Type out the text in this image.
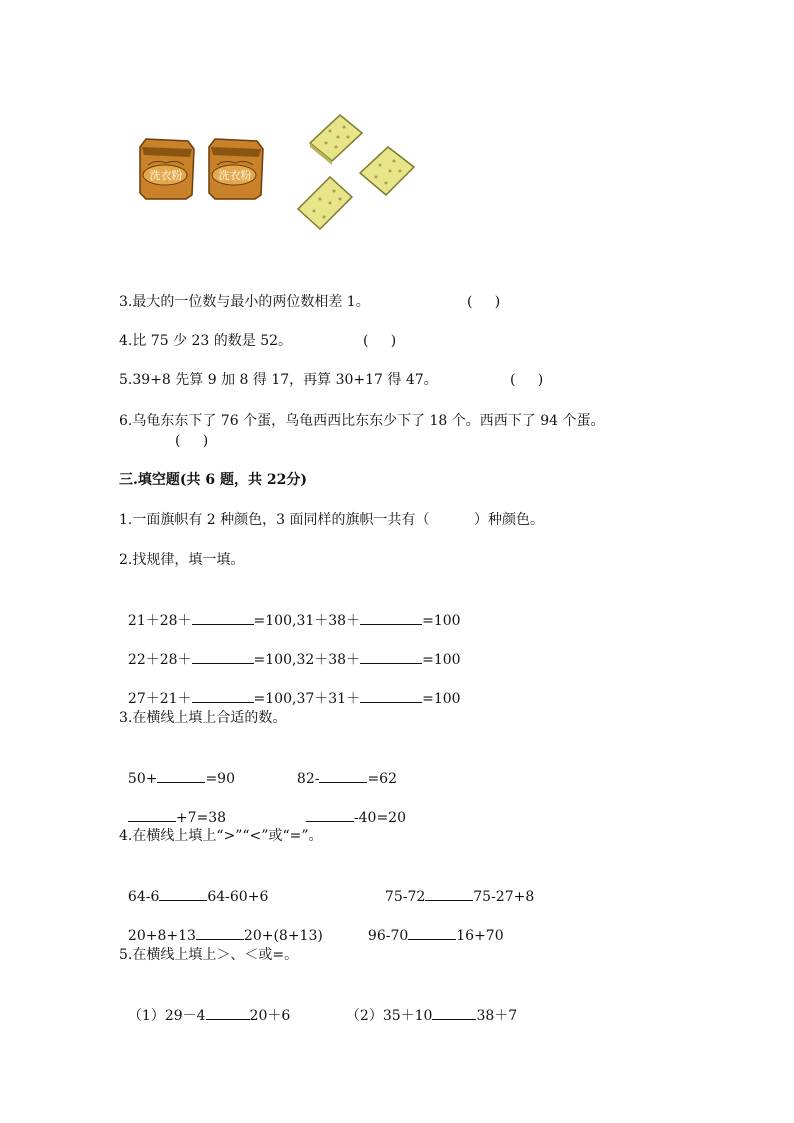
洗衣粉	洗衣粉
3.最大的一位数与最小的两位数相差 1。	(     )
4.比 75 少 23 的数是 52。	(     )
5.39+8 先算 9 加 8 得 17，再算 30+17 得 47。	(     )
6.乌龟东东下了 76 个蛋，乌龟西西比东东少下了 18 个。西西下了 94 个蛋。
(     )
三.填空题(共 6 题，共 22分)
1.一面旗帜有 2 种颜色，3 面同样的旗帜一共有（          ）种颜色。
2.找规律，填一填。

21＋28＋	=100,31＋38＋	=100

22＋28＋	=100,32＋38＋	=100

27＋21＋	=100,37＋31＋	=100

3.在横线上填上合适的数。

50+	=90	82-	=62

+7=38	-40=20

4.在横线上填上“>”“<”或“=”。

64-6	64-60+6	75-72	75-27+8

20+8+13	20+(8+13)	96-70	16+70

5.在横线上填上＞、＜或=。

（1）29－4	20＋6	（2）35＋10	38＋7
